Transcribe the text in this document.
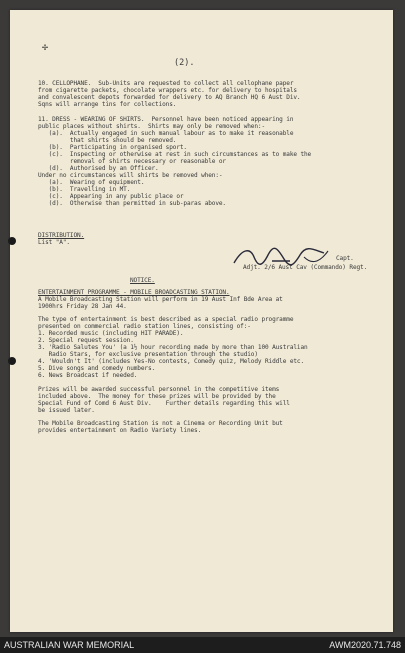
✢
(2).
10. CELLOPHANE.  Sub-Units are requested to collect all cellophane paper
from cigarette packets, chocolate wrappers etc. for delivery to hospitals
and convalescent depots forwarded for delivery to AQ Branch HQ 6 Aust Div.
Sqns will arrange tins for collections.
11. DRESS - WEARING OF SHIRTS.  Personnel have been noticed appearing in
public places without shirts.  Shirts may only be removed when:-
(a).  Actually engaged in such manual labour as to make it reasonable
that shirts should be removed.
(b).  Participating in organised sport.
(c).  Inspecting or otherwise at rest in such circumstances as to make the
removal of shirts necessary or reasonable or
(d).  Authorised by an Officer.
Under no circumstances will shirts be removed when:-
(a).  Wearing of equipment.
(b).  Travelling in MT.
(c).  Appearing in any public place or
(d).  Otherwise than permitted in sub-paras above.
DISTRIBUTION.
List "A".
Capt.
Adjt. 2/6 Aust Cav (Commando) Regt.
NOTICE.
ENTERTAINMENT PROGRAMME - MOBILE BROADCASTING STATION.
A Mobile Broadcasting Station will perform in 19 Aust Inf Bde Area at
1900hrs Friday 28 Jan 44.
The type of entertainment is best described as a special radio programme
presented on commercial radio station lines, consisting of:-
1. Recorded music (including HIT PARADE).
2. Special request session.
3. 'Radio Salutes You' (a 1½ hour recording made by more than 100 Australian
Radio Stars, for exclusive presentation through the studio)
4. 'Wouldn't It' (includes Yes-No contests, Comedy quiz, Melody Riddle etc.
5. Dive songs and comedy numbers.
6. News Broadcast if needed.
Prizes will be awarded successful personnel in the competitive items
included above.  The money for these prizes will be provided by the
Special Fund of Comd 6 Aust Div.    Further details regarding this will
be issued later.
The Mobile Broadcasting Station is not a Cinema or Recording Unit but
provides entertainment on Radio Variety lines.
AUSTRALIAN WAR MEMORIAL	AWM2020.71.748
